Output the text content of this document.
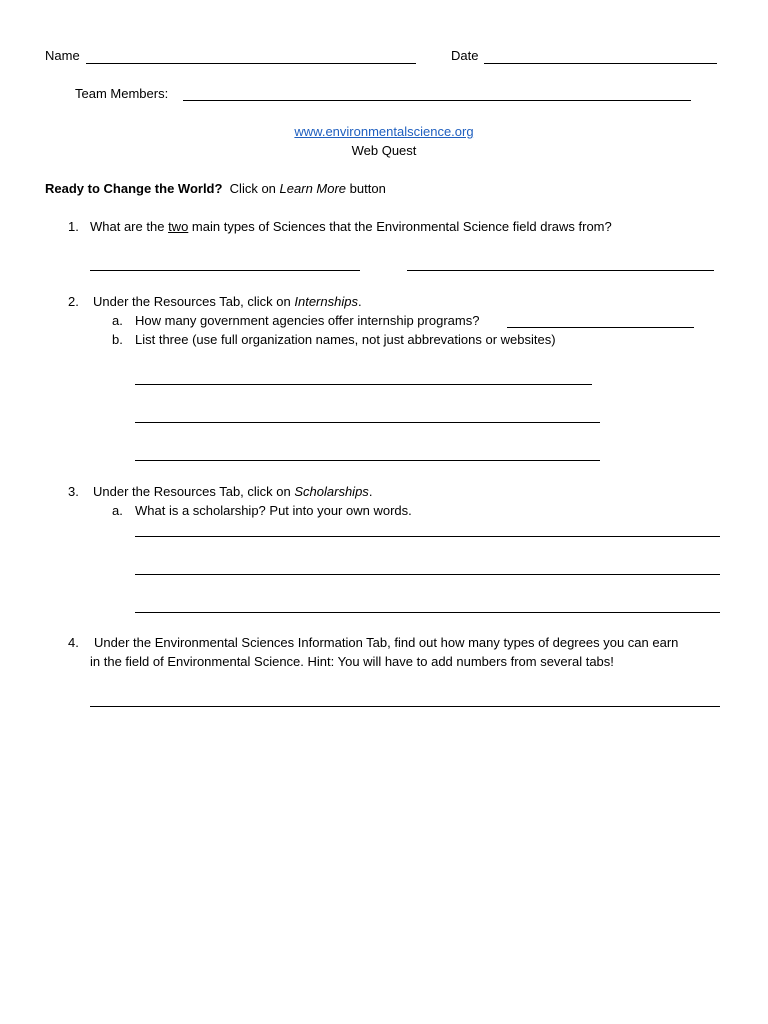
Name	Date
Team Members:
www.environmentalscience.org
Web Quest
Ready to Change the World? Click on Learn More button
1. What are the two main types of Sciences that the Environmental Science field draws from?
2. Under the Resources Tab, click on Internships.
a. How many government agencies offer internship programs?
b. List three (use full organization names, not just abbrevations or websites)
3. Under the Resources Tab, click on Scholarships.
a. What is a scholarship? Put into your own words.
4. Under the Environmental Sciences Information Tab, find out how many types of degrees you can earn
in the field of Environmental Science. Hint: You will have to add numbers from several tabs!
